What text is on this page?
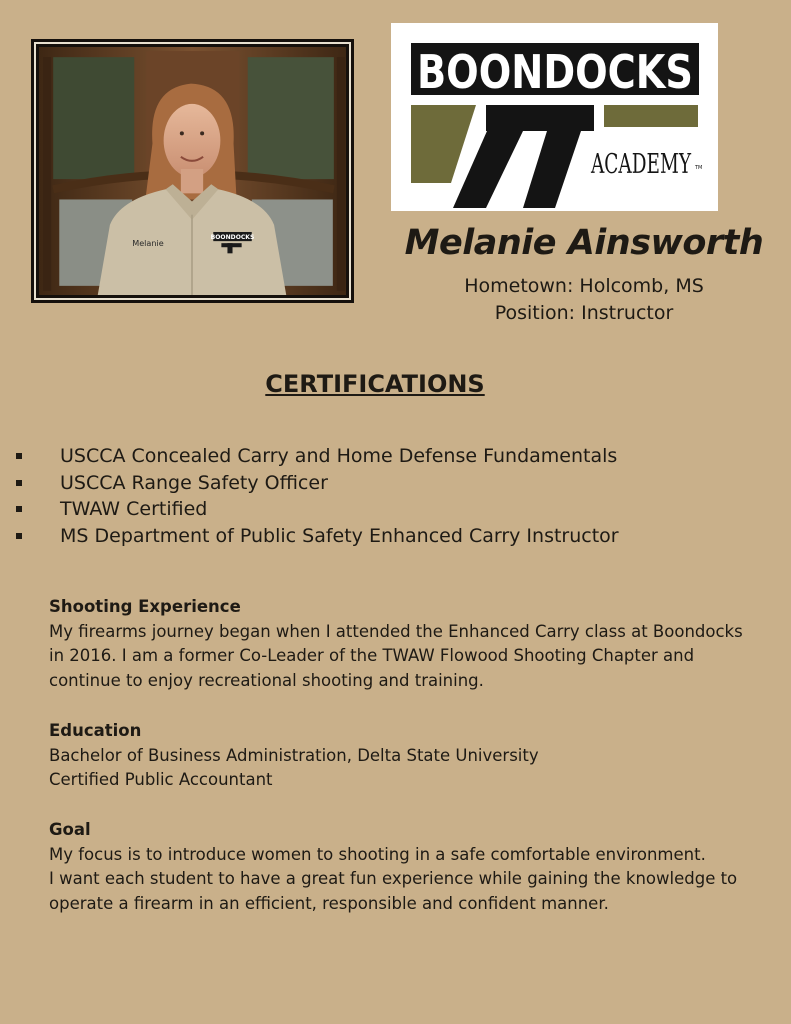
Melanie
BOONDOCKS
BOONDOCKS
ACADEMY TM
Melanie Ainsworth

Hometown: Holcomb, MS

Position: Instructor

CERTIFICATIONS
USCCA Concealed Carry and Home Defense Fundamentals
USCCA Range Safety Officer
TWAW Certified
MS Department of Public Safety Enhanced Carry Instructor
Shooting Experience

My firearms journey began when I attended the Enhanced Carry class at Boondocks
in 2016. I am a former Co-Leader of the TWAW Flowood Shooting Chapter and
continue to enjoy recreational shooting and training.

Education

Bachelor of Business Administration, Delta State University
Certified Public Accountant

Goal

My focus is to introduce women to shooting in a safe comfortable environment.
I want each student to have a great fun experience while gaining the knowledge to
operate a firearm in an efficient, responsible and confident manner.
